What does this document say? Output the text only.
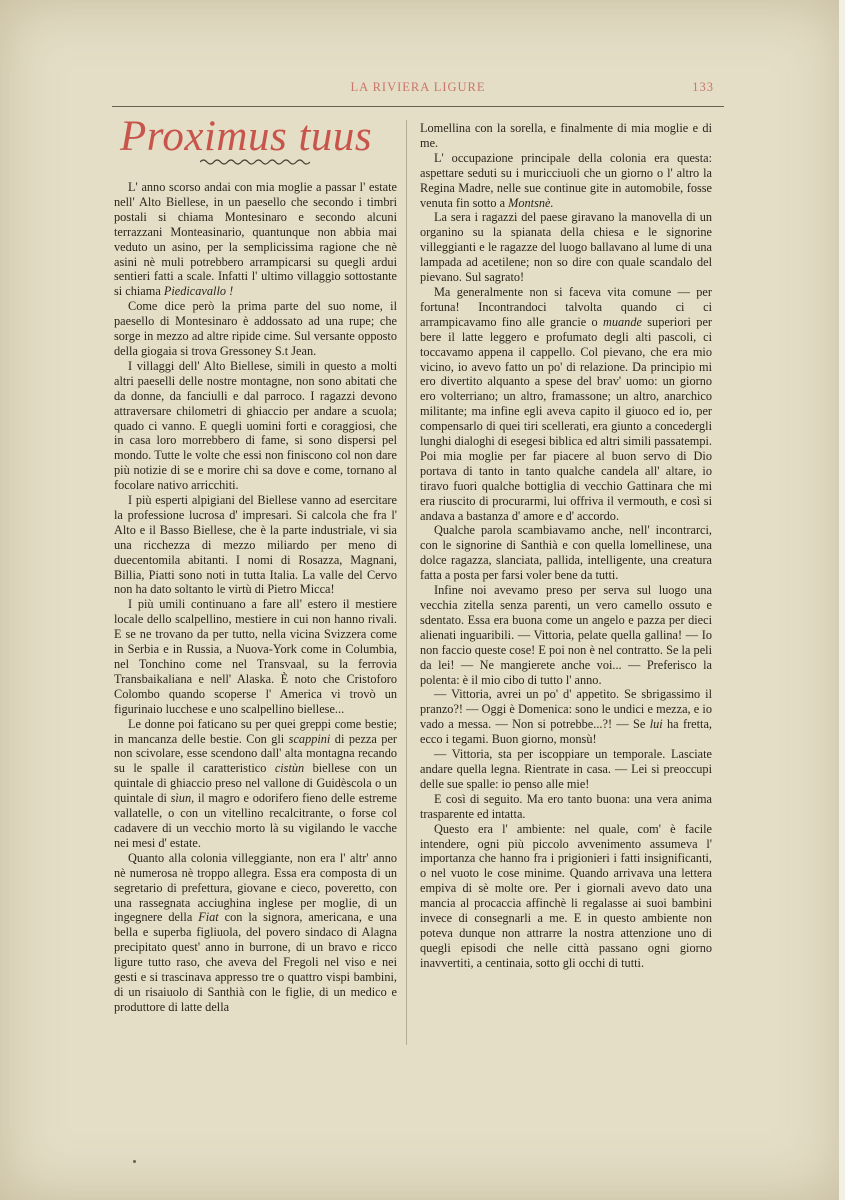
LA RIVIERA LIGURE	133
Proximus tuus

L' anno scorso andai con mia moglie a passar l' estate nell' Alto Biellese, in un paesello che secondo i timbri postali si chiama Montesinaro e secondo alcuni terrazzani Monteasinario, quantunque non abbia mai veduto un asino, per la semplicissima ragione che nè asini nè muli potrebbero arrampicarsi su quegli ardui sentieri fatti a scale. Infatti l' ultimo villaggio sottostante si chiama Piedicavallo !

Come dice però la prima parte del suo nome, il paesello di Montesinaro è addossato ad una rupe; che sorge in mezzo ad altre ripide cime. Sul versante opposto della giogaia si trova Gressoney S.t Jean.

I villaggi dell' Alto Biellese, simili in questo a molti altri paeselli delle nostre montagne, non sono abitati che da donne, da fanciulli e dal parroco. I ragazzi devono attraversare chilometri di ghiaccio per andare a scuola; quado ci vanno. E quegli uomini forti e coraggiosi, che in casa loro morrebbero di fame, si sono dispersi pel mondo. Tutte le volte che essi non finiscono col non dare più notizie di se e morire chi sa dove e come, tornano al focolare nativo arricchiti.

I più esperti alpigiani del Biellese vanno ad esercitare la professione lucrosa d' impresari. Si calcola che fra l' Alto e il Basso Biellese, che è la parte industriale, vi sia una ricchezza di mezzo miliardo per meno di duecentomila abitanti. I nomi di Rosazza, Magnani, Billia, Piatti sono noti in tutta Italia. La valle del Cervo non ha dato soltanto le virtù di Pietro Micca!

I più umili continuano a fare all' estero il mestiere locale dello scalpellino, mestiere in cui non hanno rivali. E se ne trovano da per tutto, nella vicina Svizzera come in Serbia e in Russia, a Nuova-York come in Columbia, nel Tonchino come nel Transvaal, su la ferrovia Transbaikaliana e nell' Alaska. È noto che Cristoforo Colombo quando scoperse l' America vi trovò un figurinaio lucchese e uno scalpellino biellese...

Le donne poi faticano su per quei greppi come bestie; in mancanza delle bestie. Con gli scappini di pezza per non scivolare, esse scendono dall' alta montagna recando su le spalle il caratteristico cistùn biellese con un quintale di ghiaccio preso nel vallone di Guidèscola o un quintale di sìun, il magro e odorifero fieno delle estreme vallatelle, o con un vitellino recalcitrante, o forse col cadavere di un vecchio morto là su vigilando le vacche nei mesi d' estate.

Quanto alla colonia villeggiante, non era l' altr' anno nè numerosa nè troppo allegra. Essa era composta di un segretario di prefettura, giovane e cieco, poveretto, con una rassegnata acciughina inglese per moglie, di un ingegnere della Fiat con la signora, americana, e una bella e superba figliuola, del povero sindaco di Alagna precipitato quest' anno in burrone, di un bravo e ricco ligure tutto raso, che aveva del Fregoli nel viso e nei gesti e si trascinava appresso tre o quattro vispi bambini, di un risaiuolo di Santhià con le figlie, di un medico e produttore di latte della

Lomellina con la sorella, e finalmente di mia moglie e di me.

L' occupazione principale della colonia era questa: aspettare seduti su i muricciuoli che un giorno o l' altro la Regina Madre, nelle sue continue gite in automobile, fosse venuta fin sotto a Montsnè.

La sera i ragazzi del paese giravano la manovella di un organino su la spianata della chiesa e le signorine villeggianti e le ragazze del luogo ballavano al lume di una lampada ad acetilene; non so dire con quale scandalo del pievano. Sul sagrato!

Ma generalmente non si faceva vita comune — per fortuna! Incontrandoci talvolta quando ci ci arrampicavamo fino alle grancie o muande superiori per bere il latte leggero e profumato degli alti pascoli, ci toccavamo appena il cappello. Col pievano, che era mio vicino, io avevo fatto un po' di relazione. Da principio mi ero divertito alquanto a spese del brav' uomo: un giorno ero volterriano; un altro, framassone; un altro, anarchico militante; ma infine egli aveva capito il giuoco ed io, per compensarlo di quei tiri scellerati, era giunto a concedergli lunghi dialoghi di esegesi biblica ed altri simili passatempi. Poi mia moglie per far piacere al buon servo di Dio portava di tanto in tanto qualche candela all' altare, io tiravo fuori qualche bottiglia di vecchio Gattinara che mi era riuscito di procurarmi, lui offriva il vermouth, e così si andava a bastanza d' amore e d' accordo.

Qualche parola scambiavamo anche, nell' incontrarci, con le signorine di Santhià e con quella lomellinese, una dolce ragazza, slanciata, pallida, intelligente, una creatura fatta a posta per farsi voler bene da tutti.

Infine noi avevamo preso per serva sul luogo una vecchia zitella senza parenti, un vero camello ossuto e sdentato. Essa era buona come un angelo e pazza per dieci alienati inguaribili. — Vittoria, pelate quella gallina! — Io non faccio queste cose! E poi non è nel contratto. Se la peli da lei! — Ne mangierete anche voi... — Preferisco la polenta: è il mio cibo di tutto l' anno.

— Vittoria, avrei un po' d' appetito. Se sbrigassimo il pranzo?! — Oggi è Domenica: sono le undici e mezza, e io vado a messa. — Non si potrebbe...?! — Se lui ha fretta, ecco i tegami. Buon giorno, monsù!

— Vittoria, sta per iscoppiare un temporale. Lasciate andare quella legna. Rientrate in casa. — Lei si preoccupi delle sue spalle: io penso alle mie!

E così di seguito. Ma ero tanto buona: una vera anima trasparente ed intatta.

Questo era l' ambiente: nel quale, com' è facile intendere, ogni più piccolo avvenimento assumeva l' importanza che hanno fra i prigionieri i fatti insignificanti, o nel vuoto le cose minime. Quando arrivava una lettera empiva di sè molte ore. Per i giornali avevo dato una mancia al procaccia affinchè li regalasse ai suoi bambini invece di consegnarli a me. E in questo ambiente non poteva dunque non attrarre la nostra attenzione uno di quegli episodi che nelle città passano ogni giorno inavvertiti, a centinaia, sotto gli occhi di tutti.
